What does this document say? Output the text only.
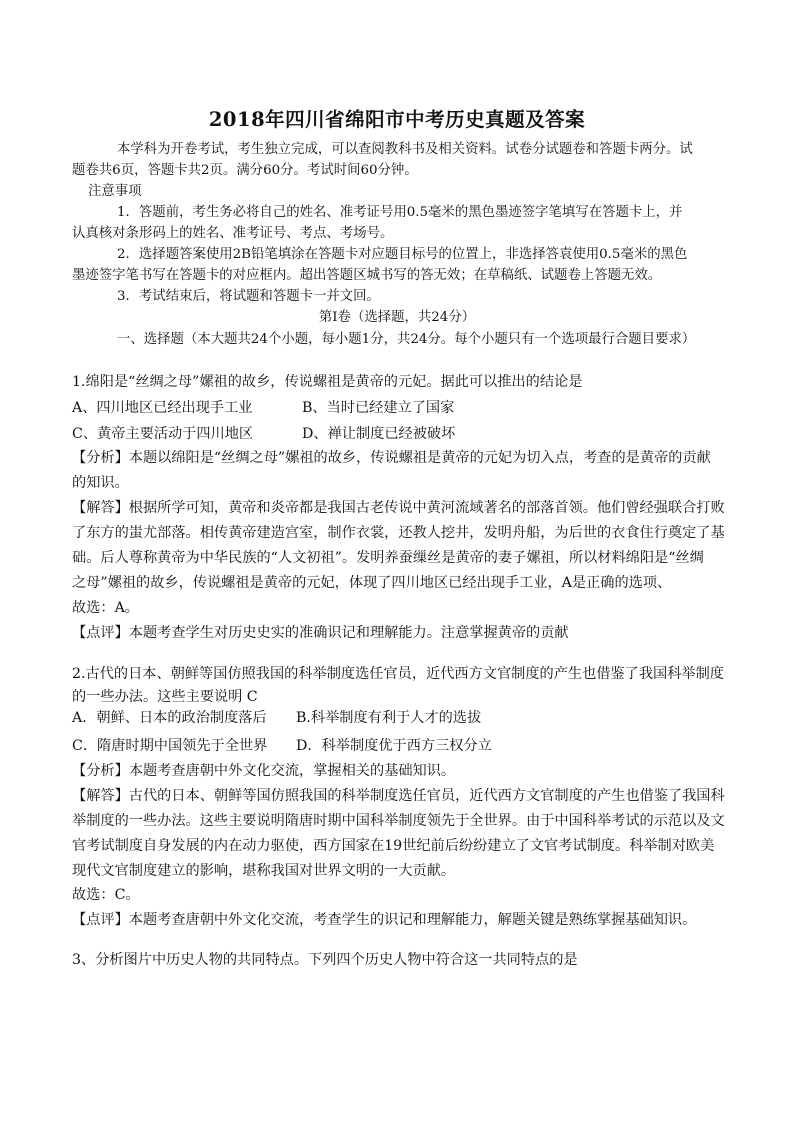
2018年四川省绵阳市中考历史真题及答案
本学科为开卷考试，考生独立完成，可以查阅教科书及相关资料。试卷分试题卷和答题卡两分。试
题卷共6页，答题卡共2页。满分60分。考试时间60分钟。
注意事项
1．答题前，考生务必将自己的姓名、准考证号用0.5毫米的黑色墨迹签字笔填写在答题卡上，并
认真核对条形码上的姓名、准考证号、考点、考场号。
2．选择题答案使用2B铅笔填涂在答题卡对应题目标号的位置上，非选择答袁使用0.5毫米的黑色
墨迹签字笔书写在答题卡的对应框内。超出答题区城书写的答无效；在草稿纸、试题卷上答题无效。
3．考试结束后，将试题和答题卡一并文回。
第Ⅰ卷（选择题，共24分）
一、选择题（本大题共24个小题，每小题1分，共24分。每个小题只有一个选项最行合题目要求）
1.绵阳是“丝绸之母”嫘祖的故乡，传说螺祖是黄帝的元妃。据此可以推出的结论是
A、四川地区已经出现手工业	B、当时已经建立了国家
C、黄帝主要活动于四川地区	D、禅让制度已经被破坏
【分析】本题以绵阳是“丝绸之母”嫘祖的故乡，传说螺祖是黄帝的元妃为切入点，考查的是黄帝的贡献
的知识。
【解答】根据所学可知，黄帝和炎帝都是我国古老传说中黄河流域著名的部落首领。他们曾经强联合打败
了东方的蚩尤部落。相传黄帝建造宫室，制作衣裳，还教人挖井，发明舟船，为后世的衣食住行奠定了基
础。后人尊称黄帝为中华民族的“人文初祖”。发明养蚕缫丝是黄帝的妻子嫘祖，所以材料绵阳是“丝绸
之母”嫘祖的故乡，传说螺祖是黄帝的元妃，体现了四川地区已经出现手工业，A是正确的选项、
故选：A。
【点评】本题考查学生对历史史实的准确识记和理解能力。注意掌握黄帝的贡献
2.古代的日本、朝鲜等国仿照我国的科举制度选任官员，近代西方文官制度的产生也借鉴了我国科举制度
的一些办法。这些主要说明 C
A．朝鲜、日本的政治制度落后 B.科举制度有利于人才的选拔
C．隋唐时期中国领先于全世界 D．科举制度优于西方三权分立
【分析】本题考查唐朝中外文化交流，掌握相关的基础知识。
【解答】古代的日本、朝鲜等国仿照我国的科举制度选任官员，近代西方文官制度的产生也借鉴了我国科
举制度的一些办法。这些主要说明隋唐时期中国科举制度领先于全世界。由于中国科举考试的示范以及文
官考试制度自身发展的内在动力驱使，西方国家在19世纪前后纷纷建立了文官考试制度。科举制对欧美
现代文官制度建立的影响，堪称我国对世界文明的一大贡献。
故选：C。
【点评】本题考查唐朝中外文化交流，考查学生的识记和理解能力，解题关键是熟练掌握基础知识。
3、分析图片中历史人物的共同特点。下列四个历史人物中符合这一共同特点的是
